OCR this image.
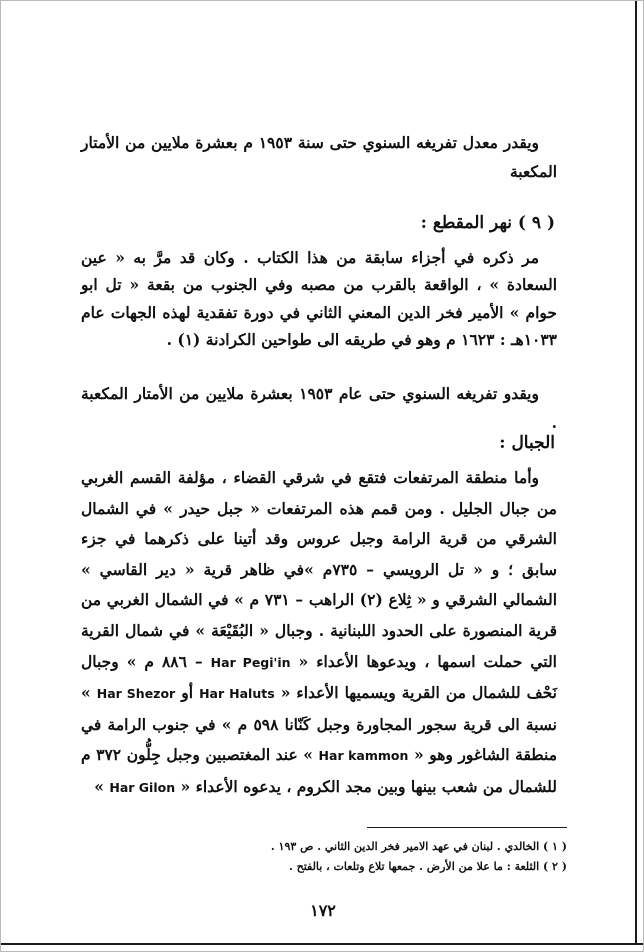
ويقدر معدل تفريغه السنوي حتى سنة ١٩٥٣ م بعشرة ملايين من الأمتار المكعبة

( ٩ ) نهر المقطع :

مر ذكره في أجزاء سابقة من هذا الكتاب . وكان قد مرَّ به « عين السعادة » ، الواقعة بالقرب من مصبه وفي الجنوب من بقعة « تل ابو حوام » الأمير فخر الدين المعني الثاني في دورة تفقدية لهذه الجهات عام ١٠٣٣هـ : ١٦٢٣ م وهو في طريقه الى طواحين الكرادنة (١) .

ويقدو تفريغه السنوي حتى عام ١٩٥٣ بعشرة ملايين من الأمتار المكعبة .

الجبال :

وأما منطقة المرتفعات فتقع في شرقي القضاء ، مؤلفة القسم الغربي من جبال الجليل . ومن قمم هذه المرتفعات « جبل حيدر » في الشمال الشرقي من قرية الرامة وجبل عروس وقد أتينا على ذكرهما في جزء سابق ؛ و « تل الرويسي – ٧٣٥م »في ظاهر قرية « دير القاسي » الشمالي الشرقي و « ثِلاع (٢) الراهب – ٧٣١ م » في الشمال الغربي من قرية المنصورة على الحدود اللبنانية . وجبال « البُقَيْعَة » في شمال القرية التي حملت اسمها ، ويدعوها الأعداء « Har Pegi'in – ٨٨٦ م » وجبال نَحْف للشمال من القرية ويسميها الأعداء « Har Haluts أو Har Shezor » نسبة الى قرية سجور المجاورة وجبل كَنّانا ٥٩٨ م » في جنوب الرامة في منطقة الشاغور وهو « Har kammon » عند المغتصبين وجبل جِلُّون ٣٧٢ م للشمال من شعب بينها وبين مجد الكروم ، يدعوه الأعداء « Har Gilon »

( ١ ) الخالدي . لبنان في عهد الامير فخر الدين الثاني . ص ١٩٣ .
( ٢ ) الثلعة : ما علا من الأرض . جمعها تلاع وتلعات ، بالفتح .
١٧٢
